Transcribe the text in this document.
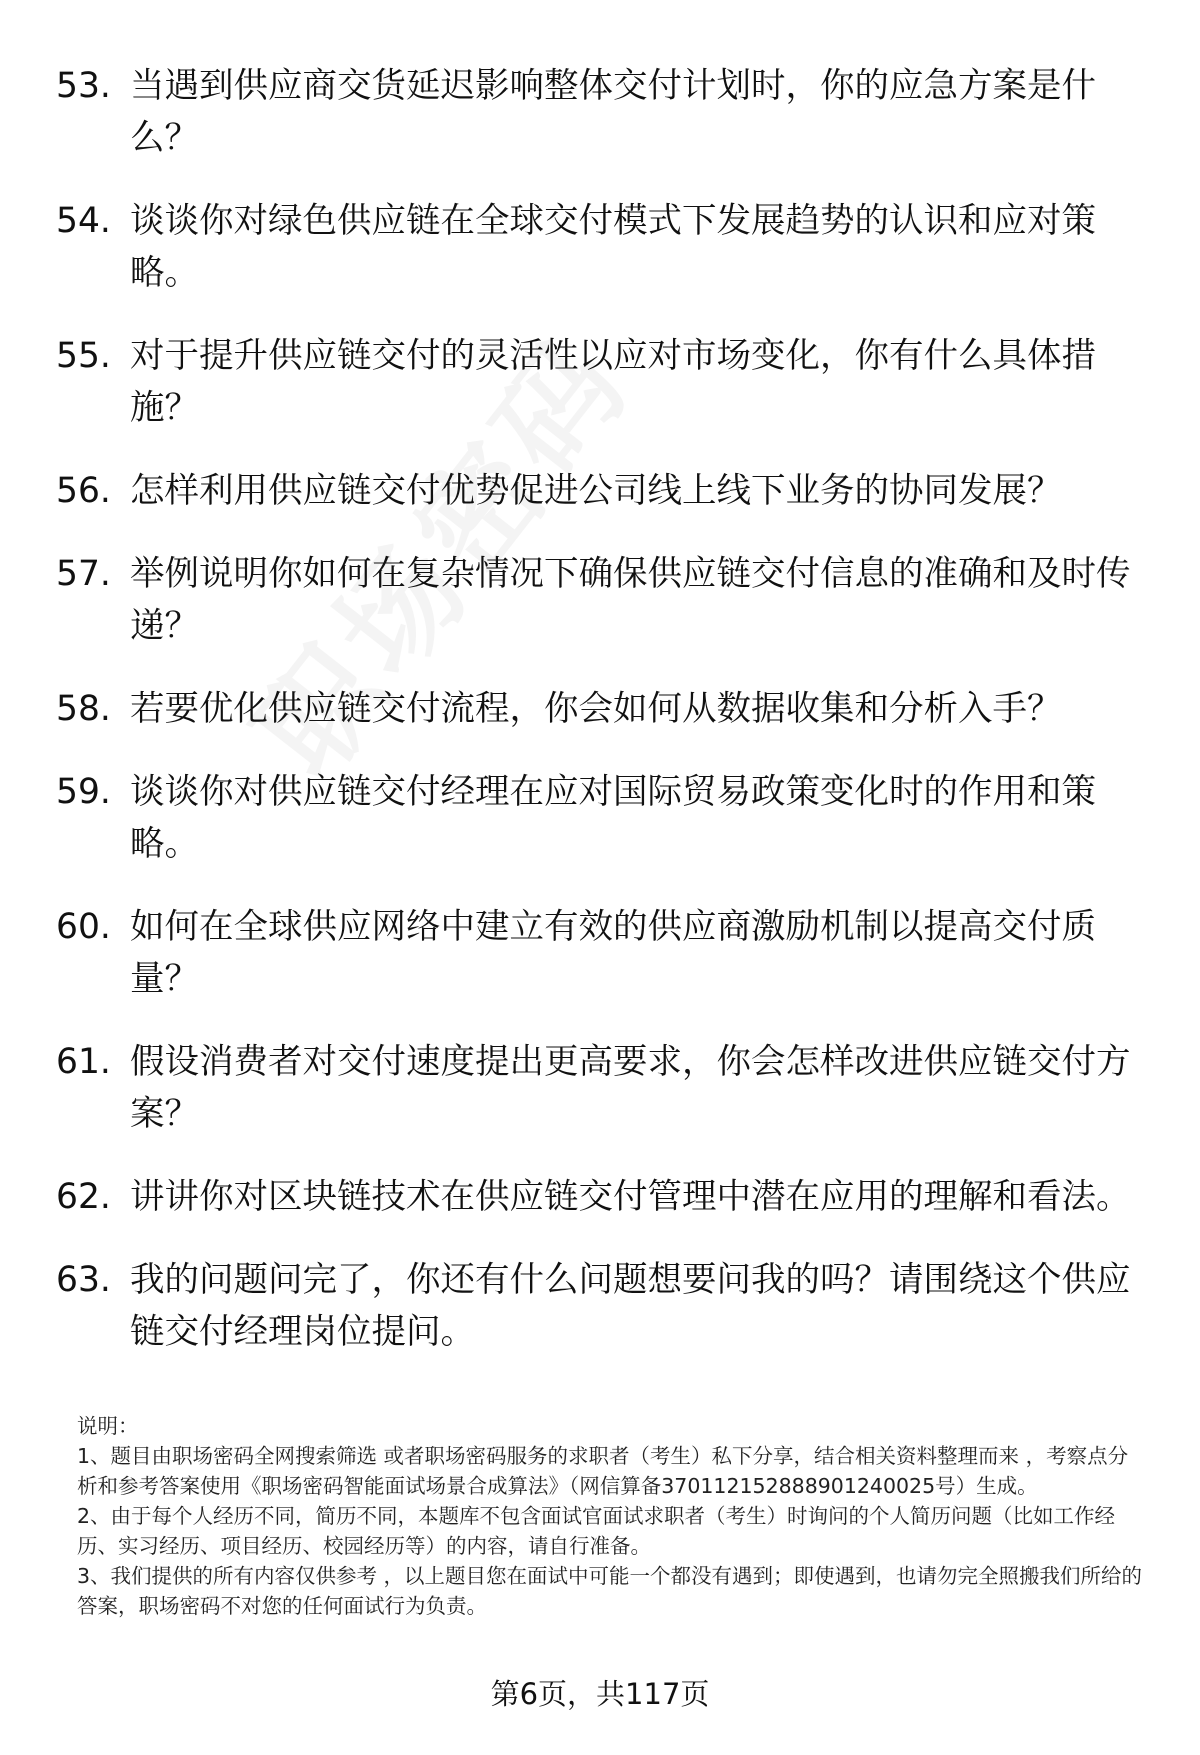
53. 当遇到供应商交货延迟影响整体交付计划时，你的应急方案是什么？
54. 谈谈你对绿色供应链在全球交付模式下发展趋势的认识和应对策略。
55. 对于提升供应链交付的灵活性以应对市场变化，你有什么具体措施？
56. 怎样利用供应链交付优势促进公司线上线下业务的协同发展？
57. 举例说明你如何在复杂情况下确保供应链交付信息的准确和及时传递？
58. 若要优化供应链交付流程，你会如何从数据收集和分析入手？
59. 谈谈你对供应链交付经理在应对国际贸易政策变化时的作用和策略。
60. 如何在全球供应网络中建立有效的供应商激励机制以提高交付质量？
61. 假设消费者对交付速度提出更高要求，你会怎样改进供应链交付方案？
62. 讲讲你对区块链技术在供应链交付管理中潜在应用的理解和看法。
63. 我的问题问完了，你还有什么问题想要问我的吗？请围绕这个供应链交付经理岗位提问。

说明：

1、题目由职场密码全网搜索筛选 或者职场密码服务的求职者（考生）私下分享，结合相关资料整理而来 ，考察点分析和参考答案使用《职场密码智能面试场景合成算法》（网信算备370112152888901240025号）生成。

2、由于每个人经历不同，简历不同，本题库不包含面试官面试求职者（考生）时询问的个人简历问题（比如工作经历、实习经历、项目经历、校园经历等）的内容，请自行准备。

3、我们提供的所有内容仅供参考 ，以上题目您在面试中可能一个都没有遇到；即使遇到，也请勿完全照搬我们所给的答案，职场密码不对您的任何面试行为负责。

第6页，共117页
